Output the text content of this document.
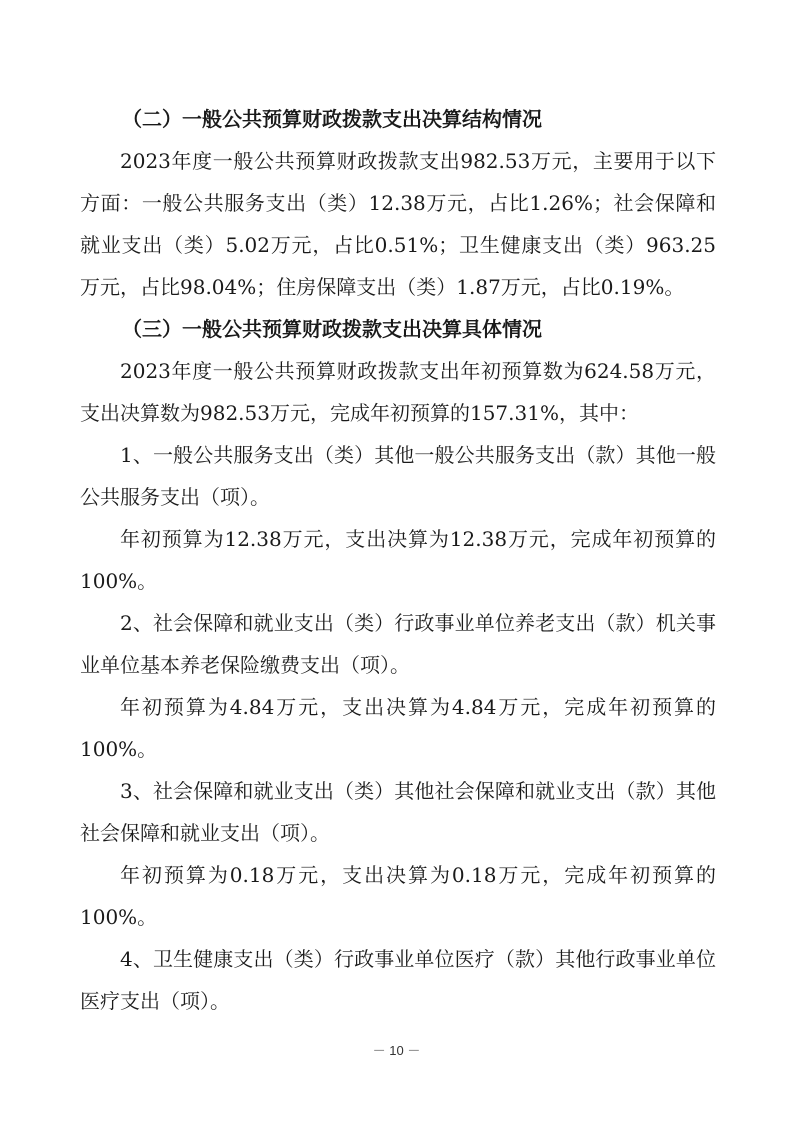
（二）一般公共预算财政拨款支出决算结构情况

2023年度一般公共预算财政拨款支出982.53万元，主要用于以下方面：一般公共服务支出（类）12.38万元，占比1.26%；社会保障和就业支出（类）5.02万元，占比0.51%；卫生健康支出（类）963.25万元，占比98.04%；住房保障支出（类）1.87万元，占比0.19%。

（三）一般公共预算财政拨款支出决算具体情况

2023年度一般公共预算财政拨款支出年初预算数为624.58万元，支出决算数为982.53万元，完成年初预算的157.31%，其中：

1、一般公共服务支出（类）其他一般公共服务支出（款）其他一般公共服务支出（项）。

年初预算为12.38万元，支出决算为12.38万元，完成年初预算的100%。

2、社会保障和就业支出（类）行政事业单位养老支出（款）机关事业单位基本养老保险缴费支出（项）。

年初预算为4.84万元，支出决算为4.84万元，完成年初预算的100%。

3、社会保障和就业支出（类）其他社会保障和就业支出（款）其他社会保障和就业支出（项）。

年初预算为0.18万元，支出决算为0.18万元，完成年初预算的100%。

4、卫生健康支出（类）行政事业单位医疗（款）其他行政事业单位医疗支出（项）。

－ 10 －
